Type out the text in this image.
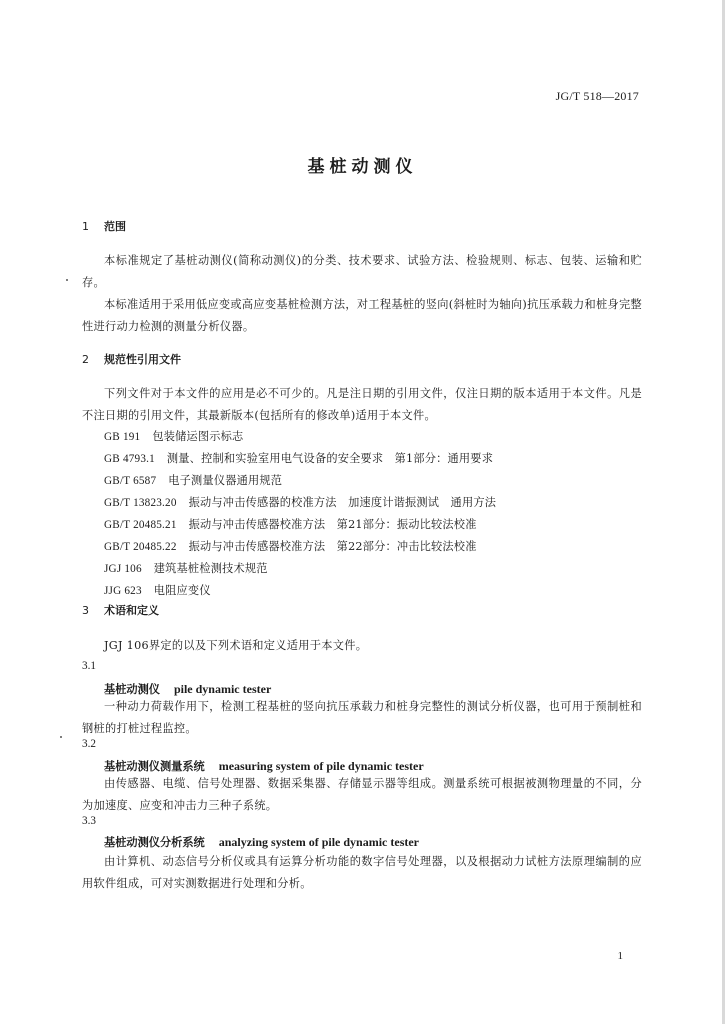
JG/T 518—2017
基桩动测仪
1 范围
本标准规定了基桩动测仪(简称动测仪)的分类、技术要求、试验方法、检验规则、标志、包装、运输和贮存。
本标准适用于采用低应变或高应变基桩检测方法，对工程基桩的竖向(斜桩时为轴向)抗压承载力和桩身完整性进行动力检测的测量分析仪器。
2 规范性引用文件
下列文件对于本文件的应用是必不可少的。凡是注日期的引用文件，仅注日期的版本适用于本文件。凡是不注日期的引用文件，其最新版本(包括所有的修改单)适用于本文件。
GB 191 包装储运图示标志
GB 4793.1 测量、控制和实验室用电气设备的安全要求　第1部分：通用要求
GB/T 6587 电子测量仪器通用规范
GB/T 13823.20 振动与冲击传感器的校准方法　加速度计谐振测试　通用方法
GB/T 20485.21 振动与冲击传感器校准方法　第21部分：振动比较法校准
GB/T 20485.22 振动与冲击传感器校准方法　第22部分：冲击比较法校准
JGJ 106 建筑基桩检测技术规范
JJG 623 电阻应变仪
3 术语和定义
JGJ 106界定的以及下列术语和定义适用于本文件。
3.1
基桩动测仪 pile dynamic tester
一种动力荷载作用下，检测工程基桩的竖向抗压承载力和桩身完整性的测试分析仪器，也可用于预制桩和钢桩的打桩过程监控。
3.2
基桩动测仪测量系统 measuring system of pile dynamic tester
由传感器、电缆、信号处理器、数据采集器、存储显示器等组成。测量系统可根据被测物理量的不同，分为加速度、应变和冲击力三种子系统。
3.3
基桩动测仪分析系统 analyzing system of pile dynamic tester
由计算机、动态信号分析仪或具有运算分析功能的数字信号处理器，以及根据动力试桩方法原理编制的应用软件组成，可对实测数据进行处理和分析。
1
